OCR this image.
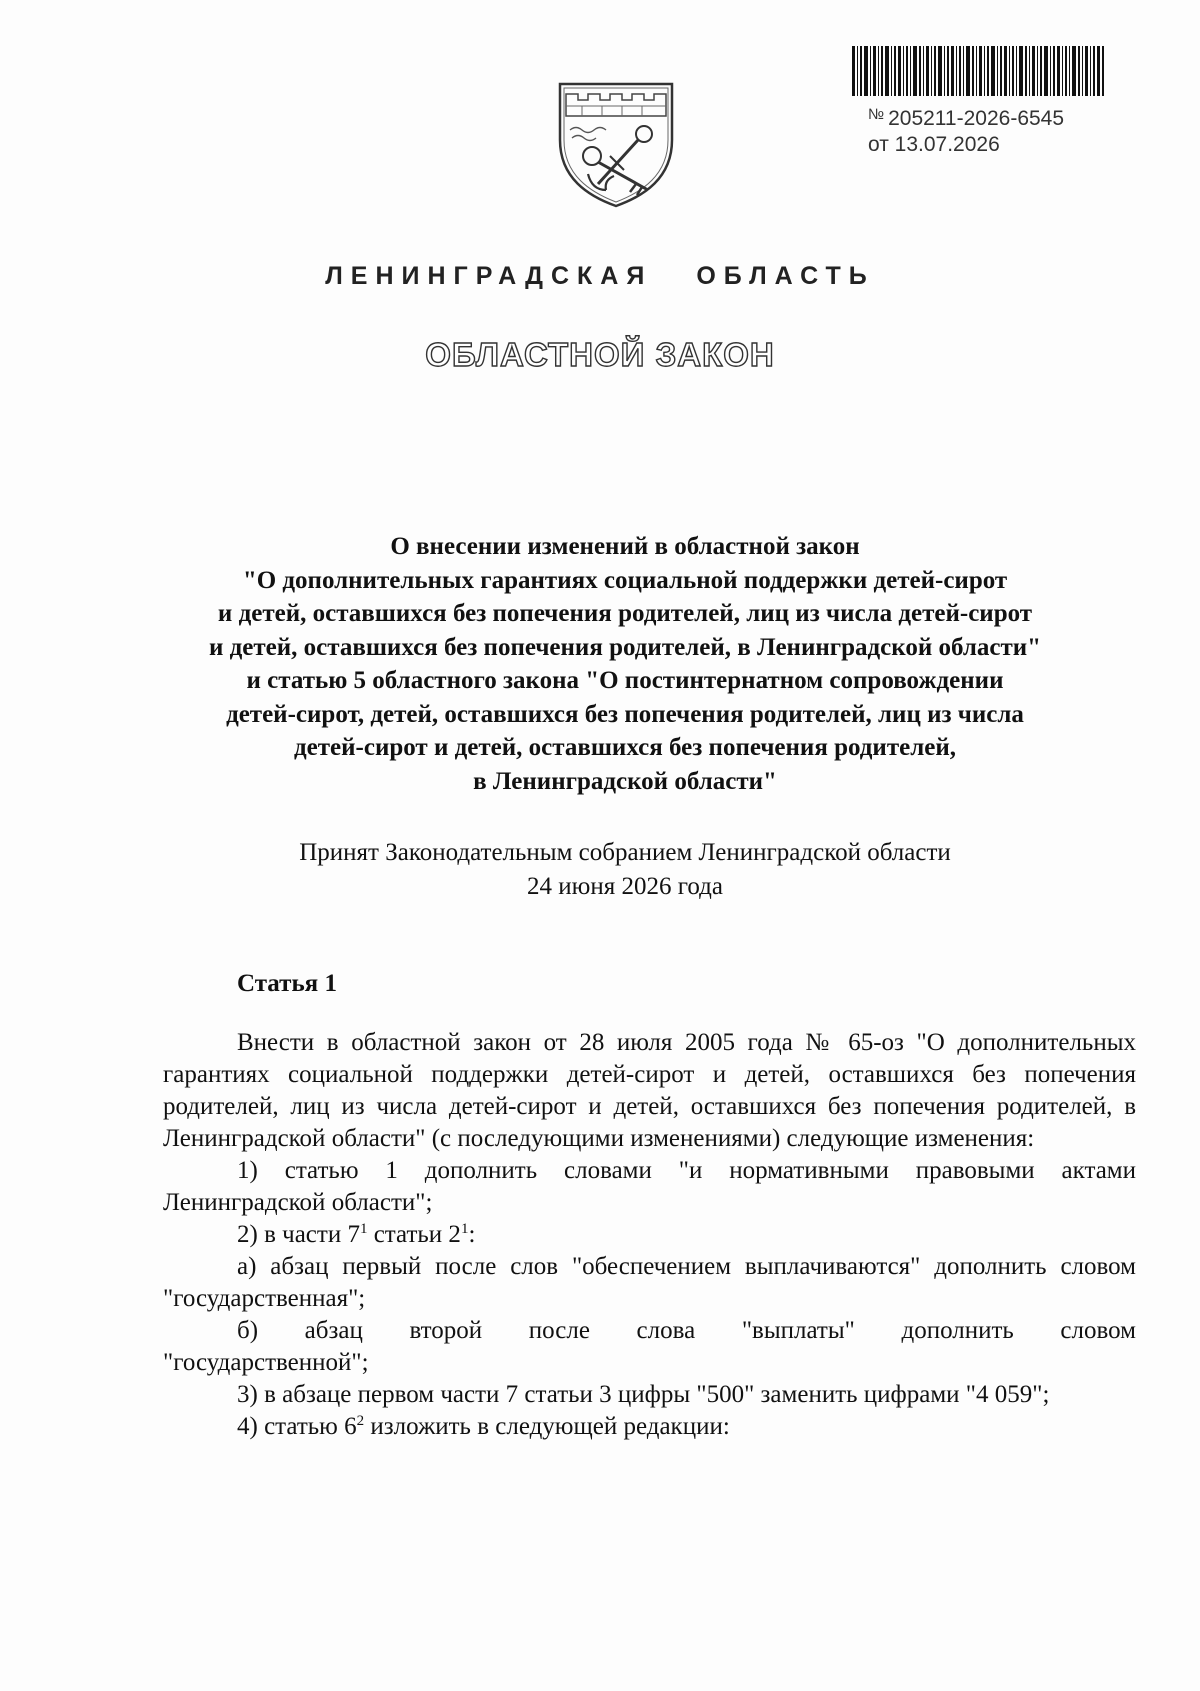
№ 205211-2026-6545
от 13.07.2026
ЛЕНИНГРАДСКАЯ ОБЛАСТЬ
ОБЛАСТНОЙ ЗАКОН
О внесении изменений в областной закон
"О дополнительных гарантиях социальной поддержки детей-сирот
и детей, оставшихся без попечения родителей, лиц из числа детей-сирот
и детей, оставшихся без попечения родителей, в Ленинградской области"
и статью 5 областного закона "О постинтернатном сопровождении
детей-сирот, детей, оставшихся без попечения родителей, лиц из числа
детей-сирот и детей, оставшихся без попечения родителей,
в Ленинградской области"
Принят Законодательным собранием Ленинградской области
24 июня 2026 года
Статья 1

Внести в областной закон от 28 июля 2005 года № 65-оз "О дополнительных гарантиях социальной поддержки детей-сирот и детей, оставшихся без попечения родителей, лиц из числа детей-сирот и детей, оставшихся без попечения родителей, в Ленинградской области" (с последующими изменениями) следующие изменения:

1) статью 1 дополнить словами "и нормативными правовыми актами Ленинградской области";

2) в части $7^1$ статьи $2^1$:

а) абзац первый после слов "обеспечением выплачиваются" дополнить словом "государственная";

б) абзац второй после слова "выплаты" дополнить словом

"государственной";

3) в абзаце первом части 7 статьи 3 цифры "500" заменить цифрами "4 059";

4) статью $6^2$ изложить в следующей редакции:
